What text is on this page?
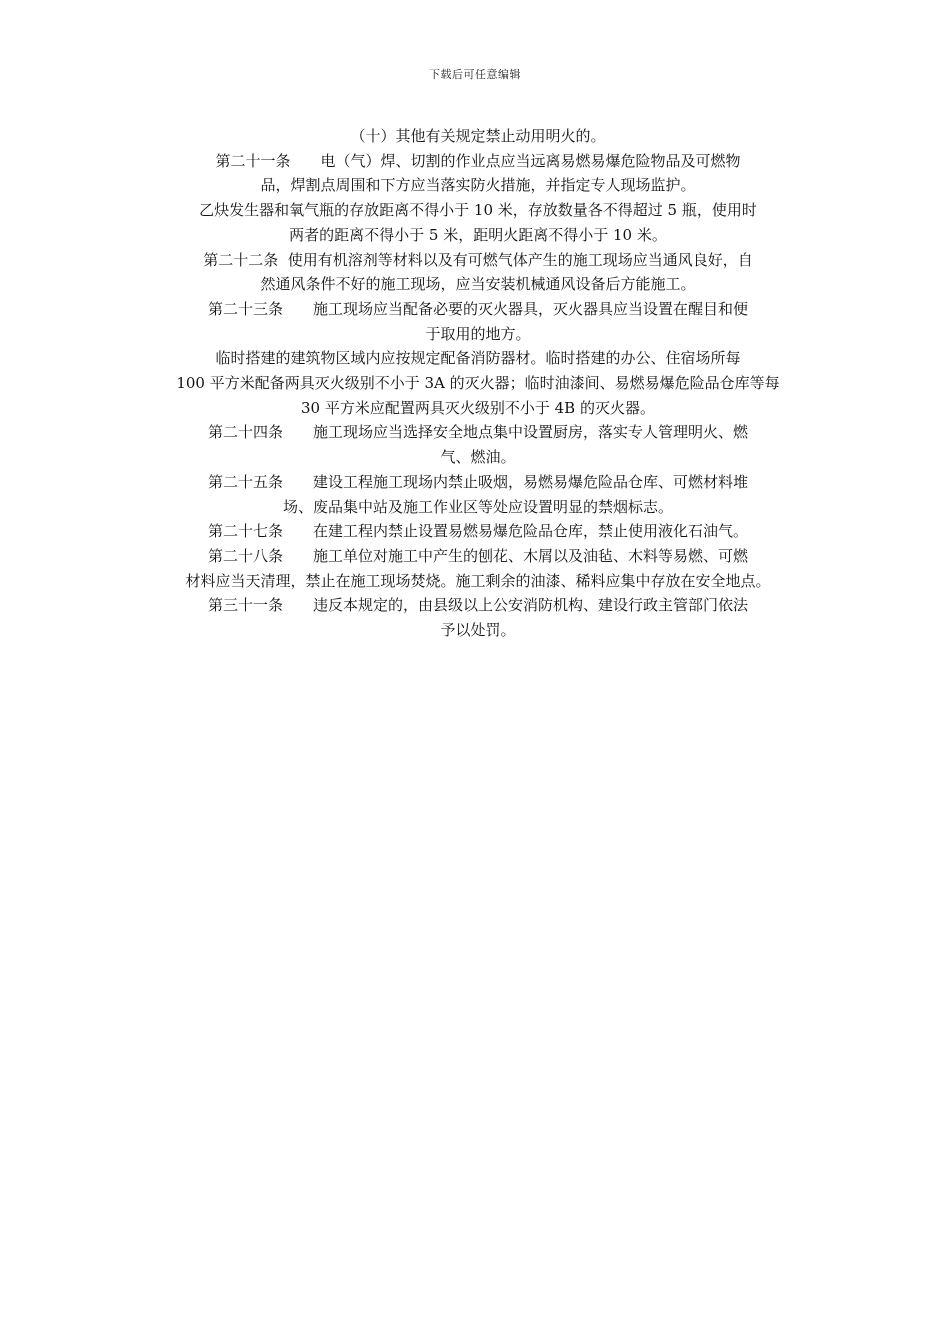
下载后可任意编辑
（十）其他有关规定禁止动用明火的。
第二十一条　　电（气）焊、切割的作业点应当远离易燃易爆危险物品及可燃物
品，焊割点周围和下方应当落实防火措施，并指定专人现场监护。
乙炔发生器和氧气瓶的存放距离不得小于 10 米，存放数量各不得超过 5 瓶，使用时
两者的距离不得小于 5 米，距明火距离不得小于 10 米。
第二十二条  使用有机溶剂等材料以及有可燃气体产生的施工现场应当通风良好，自
然通风条件不好的施工现场，应当安装机械通风设备后方能施工。
第二十三条　　施工现场应当配备必要的灭火器具，灭火器具应当设置在醒目和便
于取用的地方。
临时搭建的建筑物区域内应按规定配备消防器材。临时搭建的办公、住宿场所每
100 平方米配备两具灭火级别不小于 3A 的灭火器；临时油漆间、易燃易爆危险品仓库等每
30 平方米应配置两具灭火级别不小于 4B 的灭火器。
第二十四条　　施工现场应当选择安全地点集中设置厨房，落实专人管理明火、燃
气、燃油。
第二十五条　　建设工程施工现场内禁止吸烟，易燃易爆危险品仓库、可燃材料堆
场、废品集中站及施工作业区等处应设置明显的禁烟标志。
第二十七条　　在建工程内禁止设置易燃易爆危险品仓库，禁止使用液化石油气。
第二十八条　　施工单位对施工中产生的刨花、木屑以及油毡、木料等易燃、可燃
材料应当天清理，禁止在施工现场焚烧。施工剩余的油漆、稀料应集中存放在安全地点。
第三十一条　　违反本规定的，由县级以上公安消防机构、建设行政主管部门依法
予以处罚。
